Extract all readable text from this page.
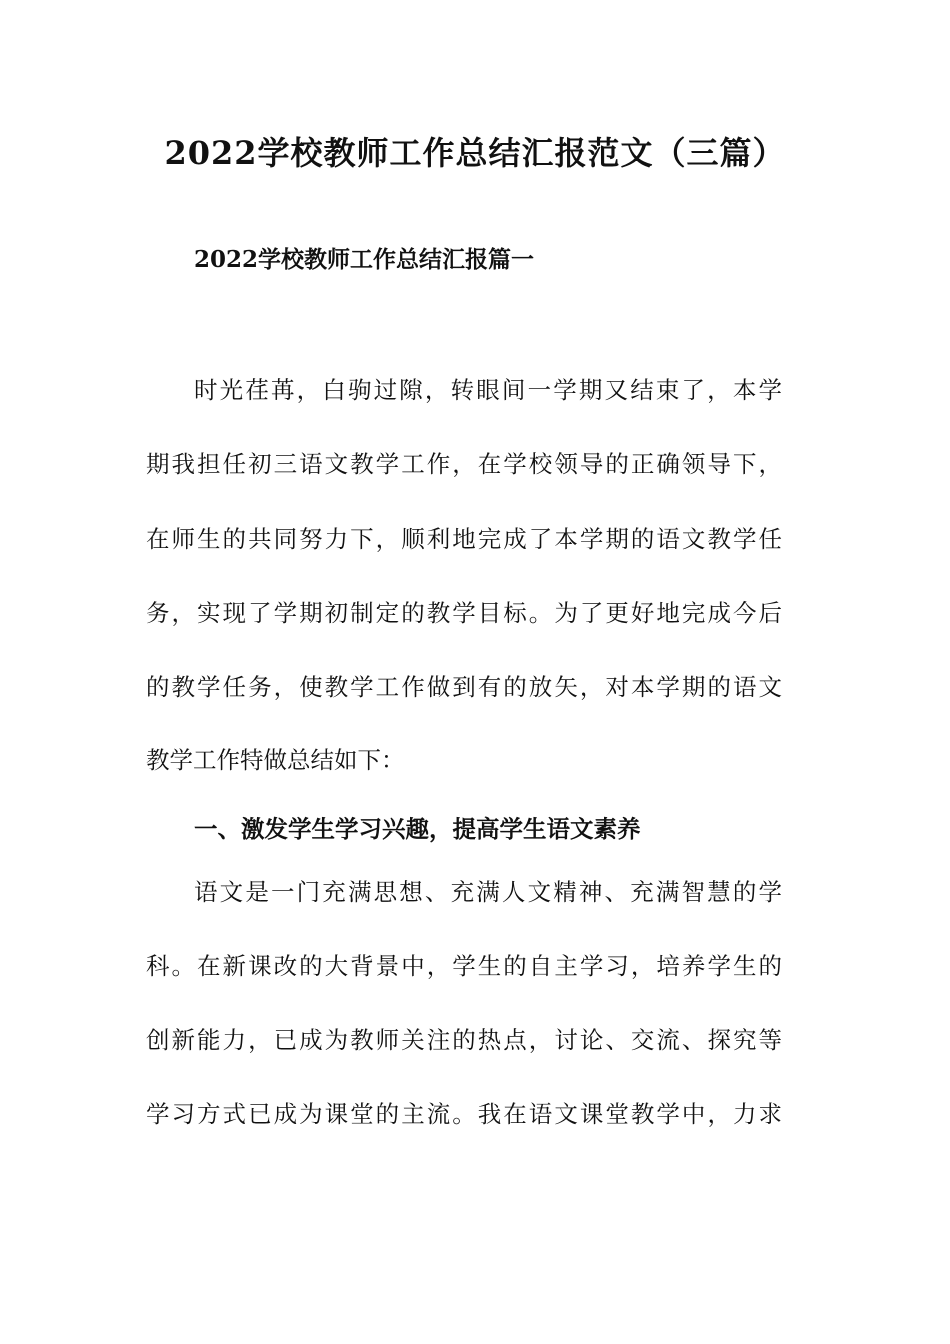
2022学校教师工作总结汇报范文（三篇）
2022学校教师工作总结汇报篇一
时光荏苒，白驹过隙，转眼间一学期又结束了，本学
期我担任初三语文教学工作，在学校领导的正确领导下，
在师生的共同努力下，顺利地完成了本学期的语文教学任
务，实现了学期初制定的教学目标。为了更好地完成今后
的教学任务，使教学工作做到有的放矢，对本学期的语文
教学工作特做总结如下：
一、激发学生学习兴趣，提高学生语文素养
语文是一门充满思想、充满人文精神、充满智慧的学
科。在新课改的大背景中，学生的自主学习，培养学生的
创新能力，已成为教师关注的热点，讨论、交流、探究等
学习方式已成为课堂的主流。我在语文课堂教学中，力求
